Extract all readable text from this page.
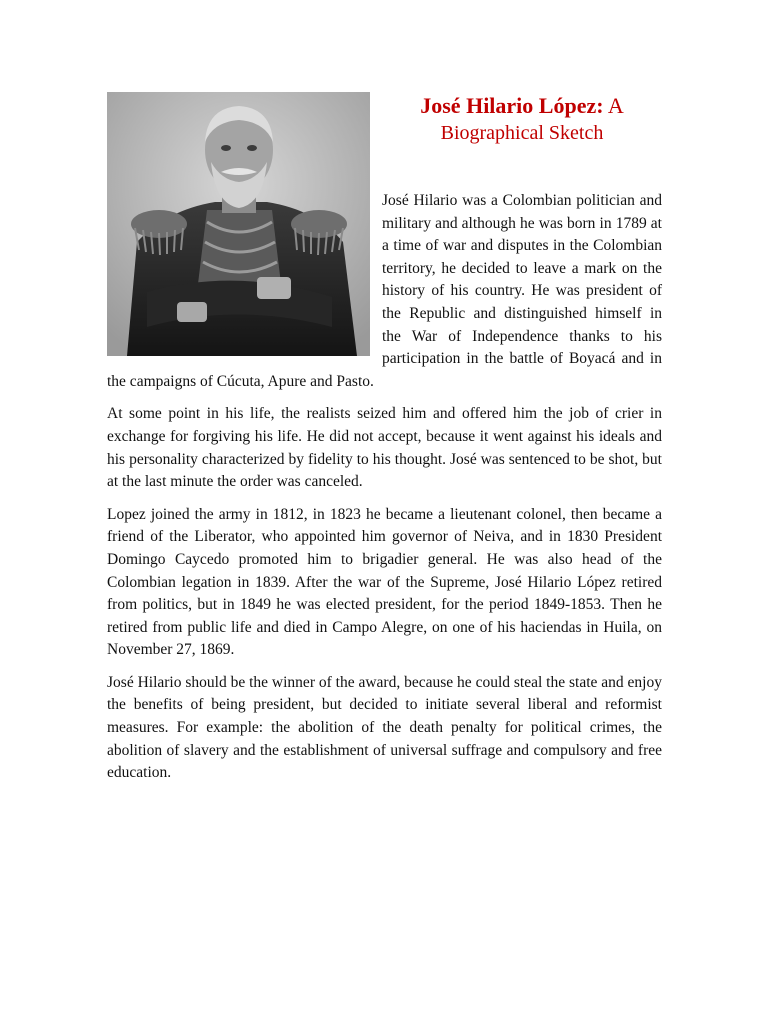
José Hilario López: A
Biographical Sketch

José Hilario was a Colombian politician and military and although he was born in 1789 at a time of war and disputes in the Colombian territory, he decided to leave a mark on the history of his country. He was president of the Republic and distinguished himself in the War of Independence thanks to his participation in the battle of Boyacá and in the campaigns of Cúcuta, Apure and Pasto.

At some point in his life, the realists seized him and offered him the job of crier in exchange for forgiving his life. He did not accept, because it went against his ideals and his personality characterized by fidelity to his thought. José was sentenced to be shot, but at the last minute the order was canceled.

Lopez joined the army in 1812, in 1823 he became a lieutenant colonel, then became a friend of the Liberator, who appointed him governor of Neiva, and in 1830 President Domingo Caycedo promoted him to brigadier general. He was also head of the Colombian legation in 1839. After the war of the Supreme, José Hilario López retired from politics, but in 1849 he was elected president, for the period 1849-1853. Then he retired from public life and died in Campo Alegre, on one of his haciendas in Huila, on November 27, 1869.

José Hilario should be the winner of the award, because he could steal the state and enjoy the benefits of being president, but decided to initiate several liberal and reformist measures. For example: the abolition of the death penalty for political crimes, the abolition of slavery and the establishment of universal suffrage and compulsory and free education.
